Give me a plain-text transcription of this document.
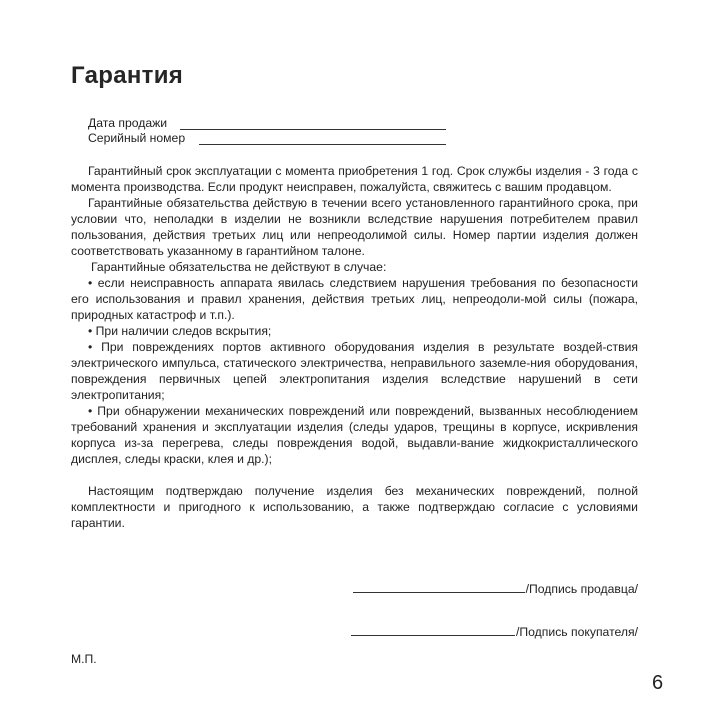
Гарантия
Дата продажи
Серийный номер

Гарантийный срок эксплуатации с момента приобретения 1 год. Срок службы изделия - 3 года с момента производства. Если продукт неисправен, пожалуйста, свяжитесь с вашим продавцом.

Гарантийные обязательства действую в течении всего установленного гарантийного срока, при условии что, неполадки в изделии не возникли вследствие нарушения потребителем правил пользования, действия третьих лиц или непреодолимой силы. Номер партии изделия должен соответствовать указанному в гарантийном талоне.

Гарантийные обязательства не действуют в случае:

• если неисправность аппарата явилась следствием нарушения требования по безопасности его использования и правил хранения, действия третьих лиц, непреодоли-мой силы (пожара, природных катастроф и т.п.).

• При наличии следов вскрытия;

• При повреждениях портов активного оборудования изделия в результате воздей-ствия электрического импульса, статического электричества, неправильного заземле-ния оборудования, повреждения первичных цепей электропитания изделия вследствие нарушений в сети электропитания;

• При обнаружении механических повреждений или повреждений, вызванных несоблюдением требований хранения и эксплуатации изделия (следы ударов, трещины в корпусе, искривления корпуса из-за перегрева, следы повреждения водой, выдавли-вание жидкокристаллического дисплея, следы краски, клея и др.);

Настоящим подтверждаю получение изделия без механических повреждений, полной комплектности и пригодного к использованию, а также подтверждаю согласие с условиями гарантии.

/Подпись продавца/
/Подпись покупателя/
М.П.
6
